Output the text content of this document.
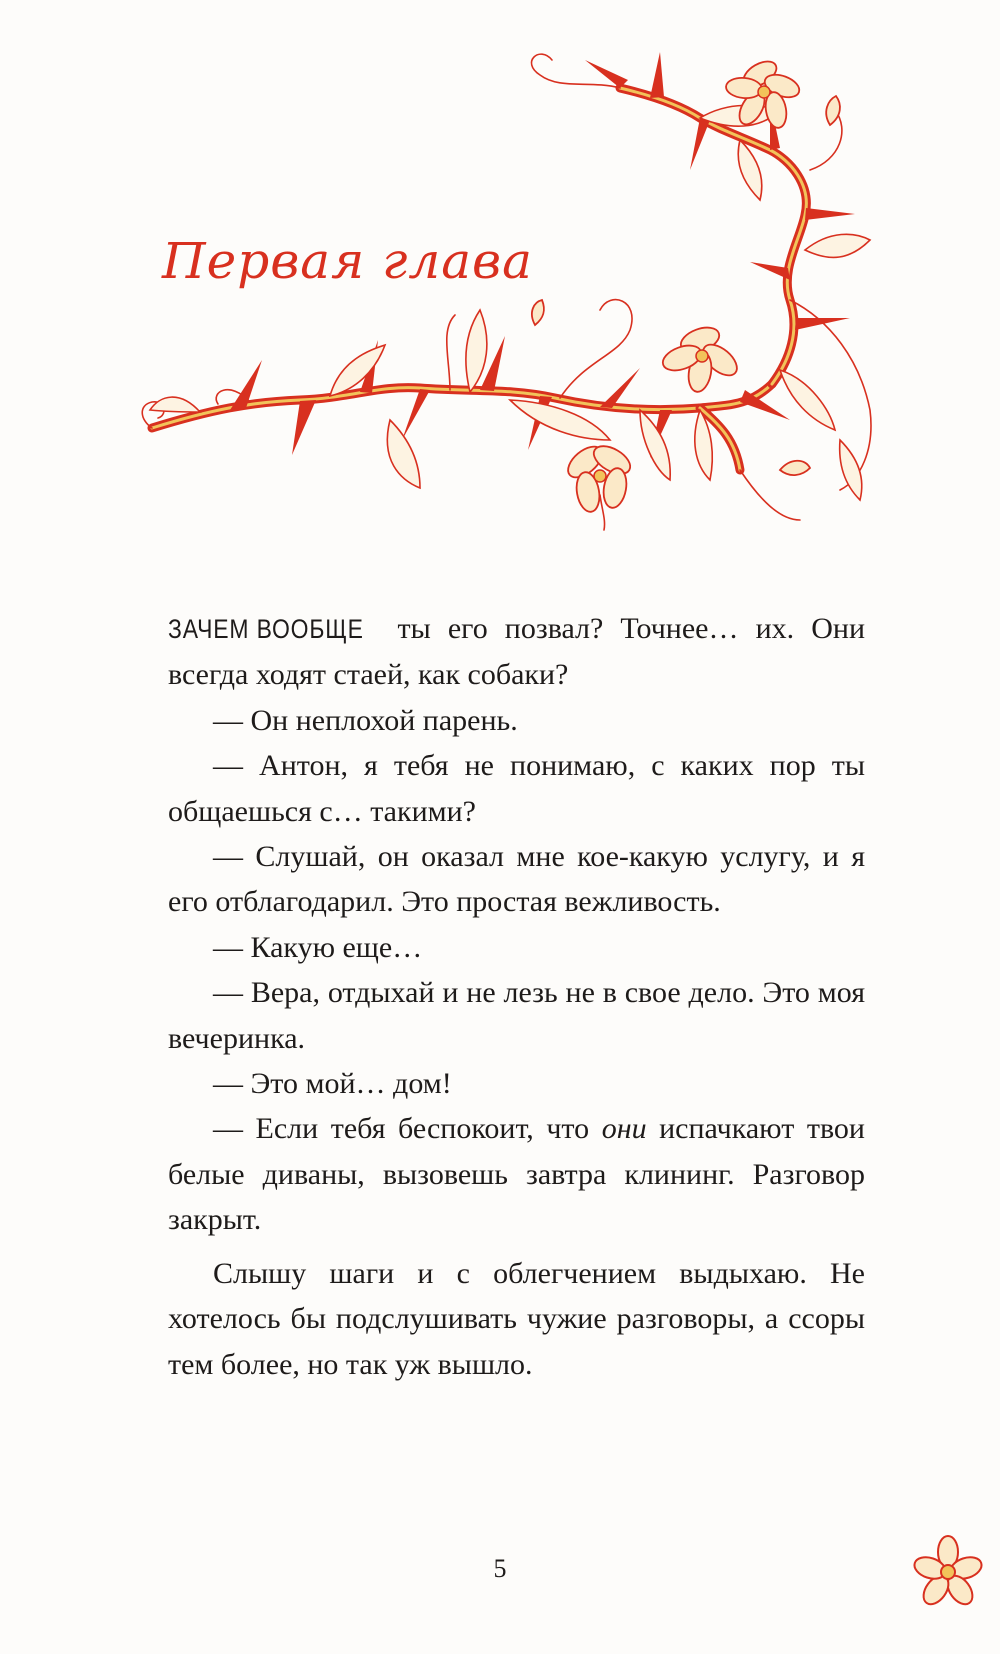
Первая глава

ЗАЧЕМ ВООБЩЕ ты его позвал? Точнее… их. Они всегда ходят стаей, как собаки?

— Он неплохой парень.

— Антон, я тебя не понимаю, с каких пор ты общаешься с… такими?

— Слушай, он оказал мне кое-какую услугу, и я его отблагодарил. Это простая вежливость.

— Какую еще…

— Вера, отдыхай и не лезь не в свое дело. Это моя вечеринка.

— Это мой… дом!

— Если тебя беспокоит, что они испачкают твои белые диваны, вызовешь завтра клининг. Разговор закрыт.

Слышу шаги и с облегчением выдыхаю. Не хотелось бы подслушивать чужие разговоры, а ссоры тем более, но так уж вышло.

5
